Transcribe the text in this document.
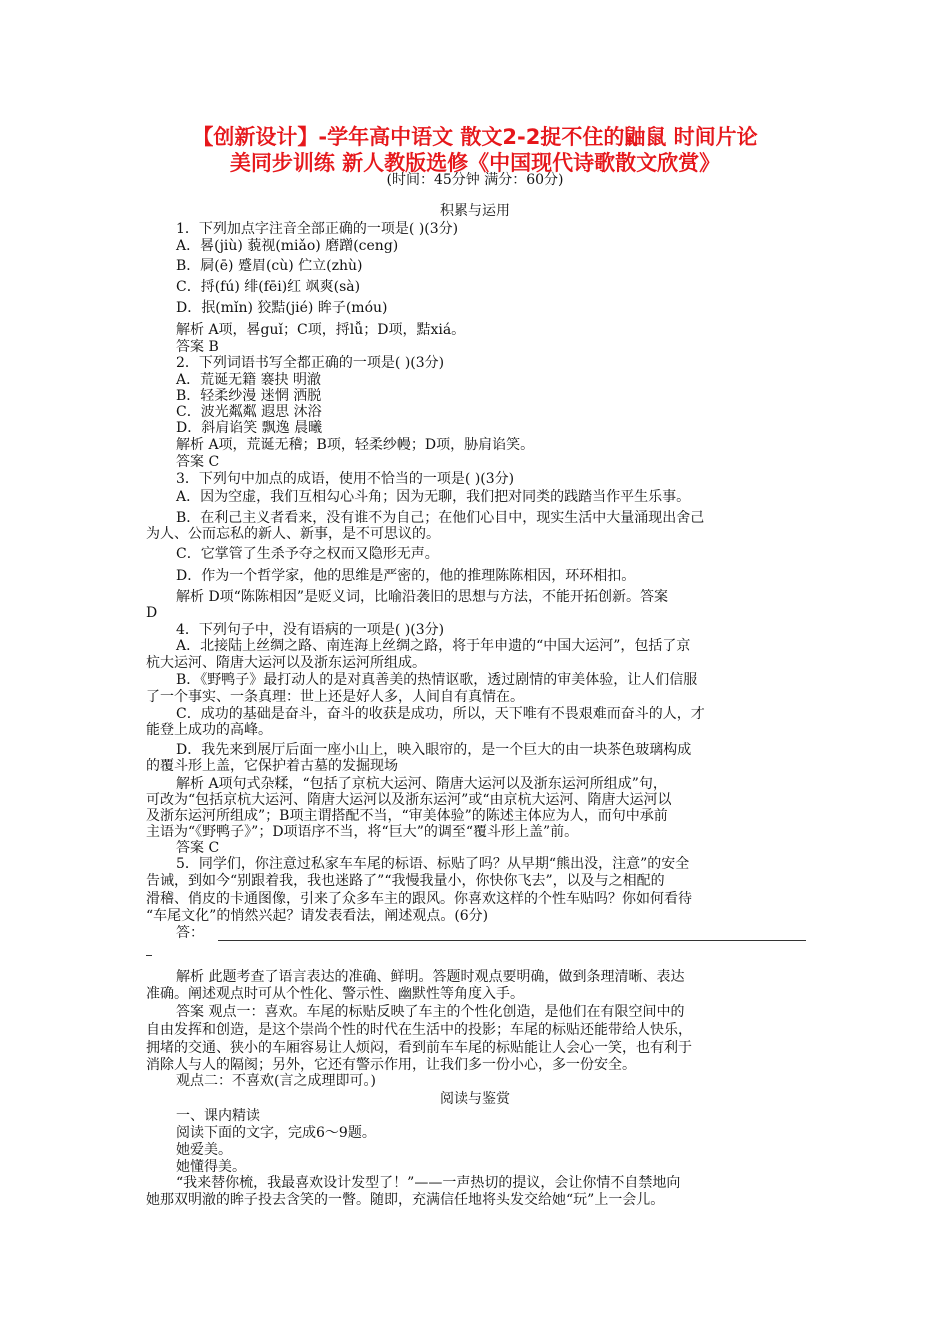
【创新设计】-学年高中语文 散文2-2捉不住的鼬鼠 时间片论
美同步训练 新人教版选修《中国现代诗歌散文欣赏》
(时间：45分钟 满分：60分)
积累与运用
阅读与鉴赏
1．下列加点字注音全部正确的一项是( )(3分)
A．晷(jiù) 藐视(miǎo) 磨蹭(ceng)
B．屙(ē) 蹙眉(cù) 伫立(zhù)
C．捋(fú) 绯(fēi)红 飒爽(sà)
D．抿(mǐn) 狡黠(jié) 眸子(móu)
解析 A项，晷guǐ；C项，捋lǚ；D项，黠xiá。
答案 B
2．下列词语书写全都正确的一项是( )(3分)
A．荒诞无籍 褰抉 明澈
B．轻柔纱漫 迷惘 洒脱
C．波光粼粼 遐思 沐浴
D．斜肩谄笑 飘逸 晨曦
解析 A项，荒诞无稽；B项，轻柔纱幔；D项，胁肩谄笑。
答案 C
3．下列句中加点的成语，使用不恰当的一项是( )(3分)
A．因为空虚，我们互相勾心斗角；因为无聊，我们把对同类的践踏当作平生乐事。
B．在利己主义者看来，没有谁不为自己；在他们心目中，现实生活中大量涌现出舍己
为人、公而忘私的新人、新事，是不可思议的。
C．它掌管了生杀予夺之权而又隐形无声。
D．作为一个哲学家，他的思维是严密的，他的推理陈陈相因，环环相扣。
解析 D项“陈陈相因”是贬义词，比喻沿袭旧的思想与方法，不能开拓创新。答案
D
4．下列句子中，没有语病的一项是( )(3分)
A．北接陆上丝绸之路、南连海上丝绸之路，将于年申遗的“中国大运河”，包括了京
杭大运河、隋唐大运河以及浙东运河所组成。
B．《野鸭子》最打动人的是对真善美的热情讴歌，透过剧情的审美体验，让人们信服
了一个事实、一条真理：世上还是好人多，人间自有真情在。
C．成功的基础是奋斗，奋斗的收获是成功，所以，天下唯有不畏艰难而奋斗的人，才
能登上成功的高峰。
D．我先来到展厅后面一座小山上，映入眼帘的，是一个巨大的由一块茶色玻璃构成
的覆斗形上盖，它保护着古墓的发掘现场
解析 A项句式杂糅，“包括了京杭大运河、隋唐大运河以及浙东运河所组成”句，
可改为“包括京杭大运河、隋唐大运河以及浙东运河”或“由京杭大运河、隋唐大运河以
及浙东运河所组成”；B项主谓搭配不当，“审美体验”的陈述主体应为人，而句中承前
主语为“《野鸭子》”；D项语序不当，将“巨大”的调至“覆斗形上盖”前。
答案 C
5．同学们，你注意过私家车车尾的标语、标贴了吗？从早期“熊出没，注意”的安全
告诫，到如今“别跟着我，我也迷路了”“我慢我量小，你快你飞去”，以及与之相配的
滑稽、俏皮的卡通图像，引来了众多车主的跟风。你喜欢这样的个性车贴吗？你如何看待
“车尾文化”的悄然兴起？请发表看法，阐述观点。(6分)
答：
解析 此题考查了语言表达的准确、鲜明。答题时观点要明确，做到条理清晰、表达
准确。阐述观点时可从个性化、警示性、幽默性等角度入手。
答案 观点一：喜欢。车尾的标贴反映了车主的个性化创造，是他们在有限空间中的
自由发挥和创造，是这个崇尚个性的时代在生活中的投影；车尾的标贴还能带给人快乐，
拥堵的交通、狭小的车厢容易让人烦闷，看到前车车尾的标贴能让人会心一笑，也有利于
消除人与人的隔阂；另外，它还有警示作用，让我们多一份小心，多一份安全。
观点二：不喜欢(言之成理即可。)
一、课内精读
阅读下面的文字，完成6～9题。
她爱美。
她懂得美。
“我来替你梳，我最喜欢设计发型了！”——一声热切的提议，会让你情不自禁地向
她那双明澈的眸子投去含笑的一瞥。随即，充满信任地将头发交给她“玩”上一会儿。
